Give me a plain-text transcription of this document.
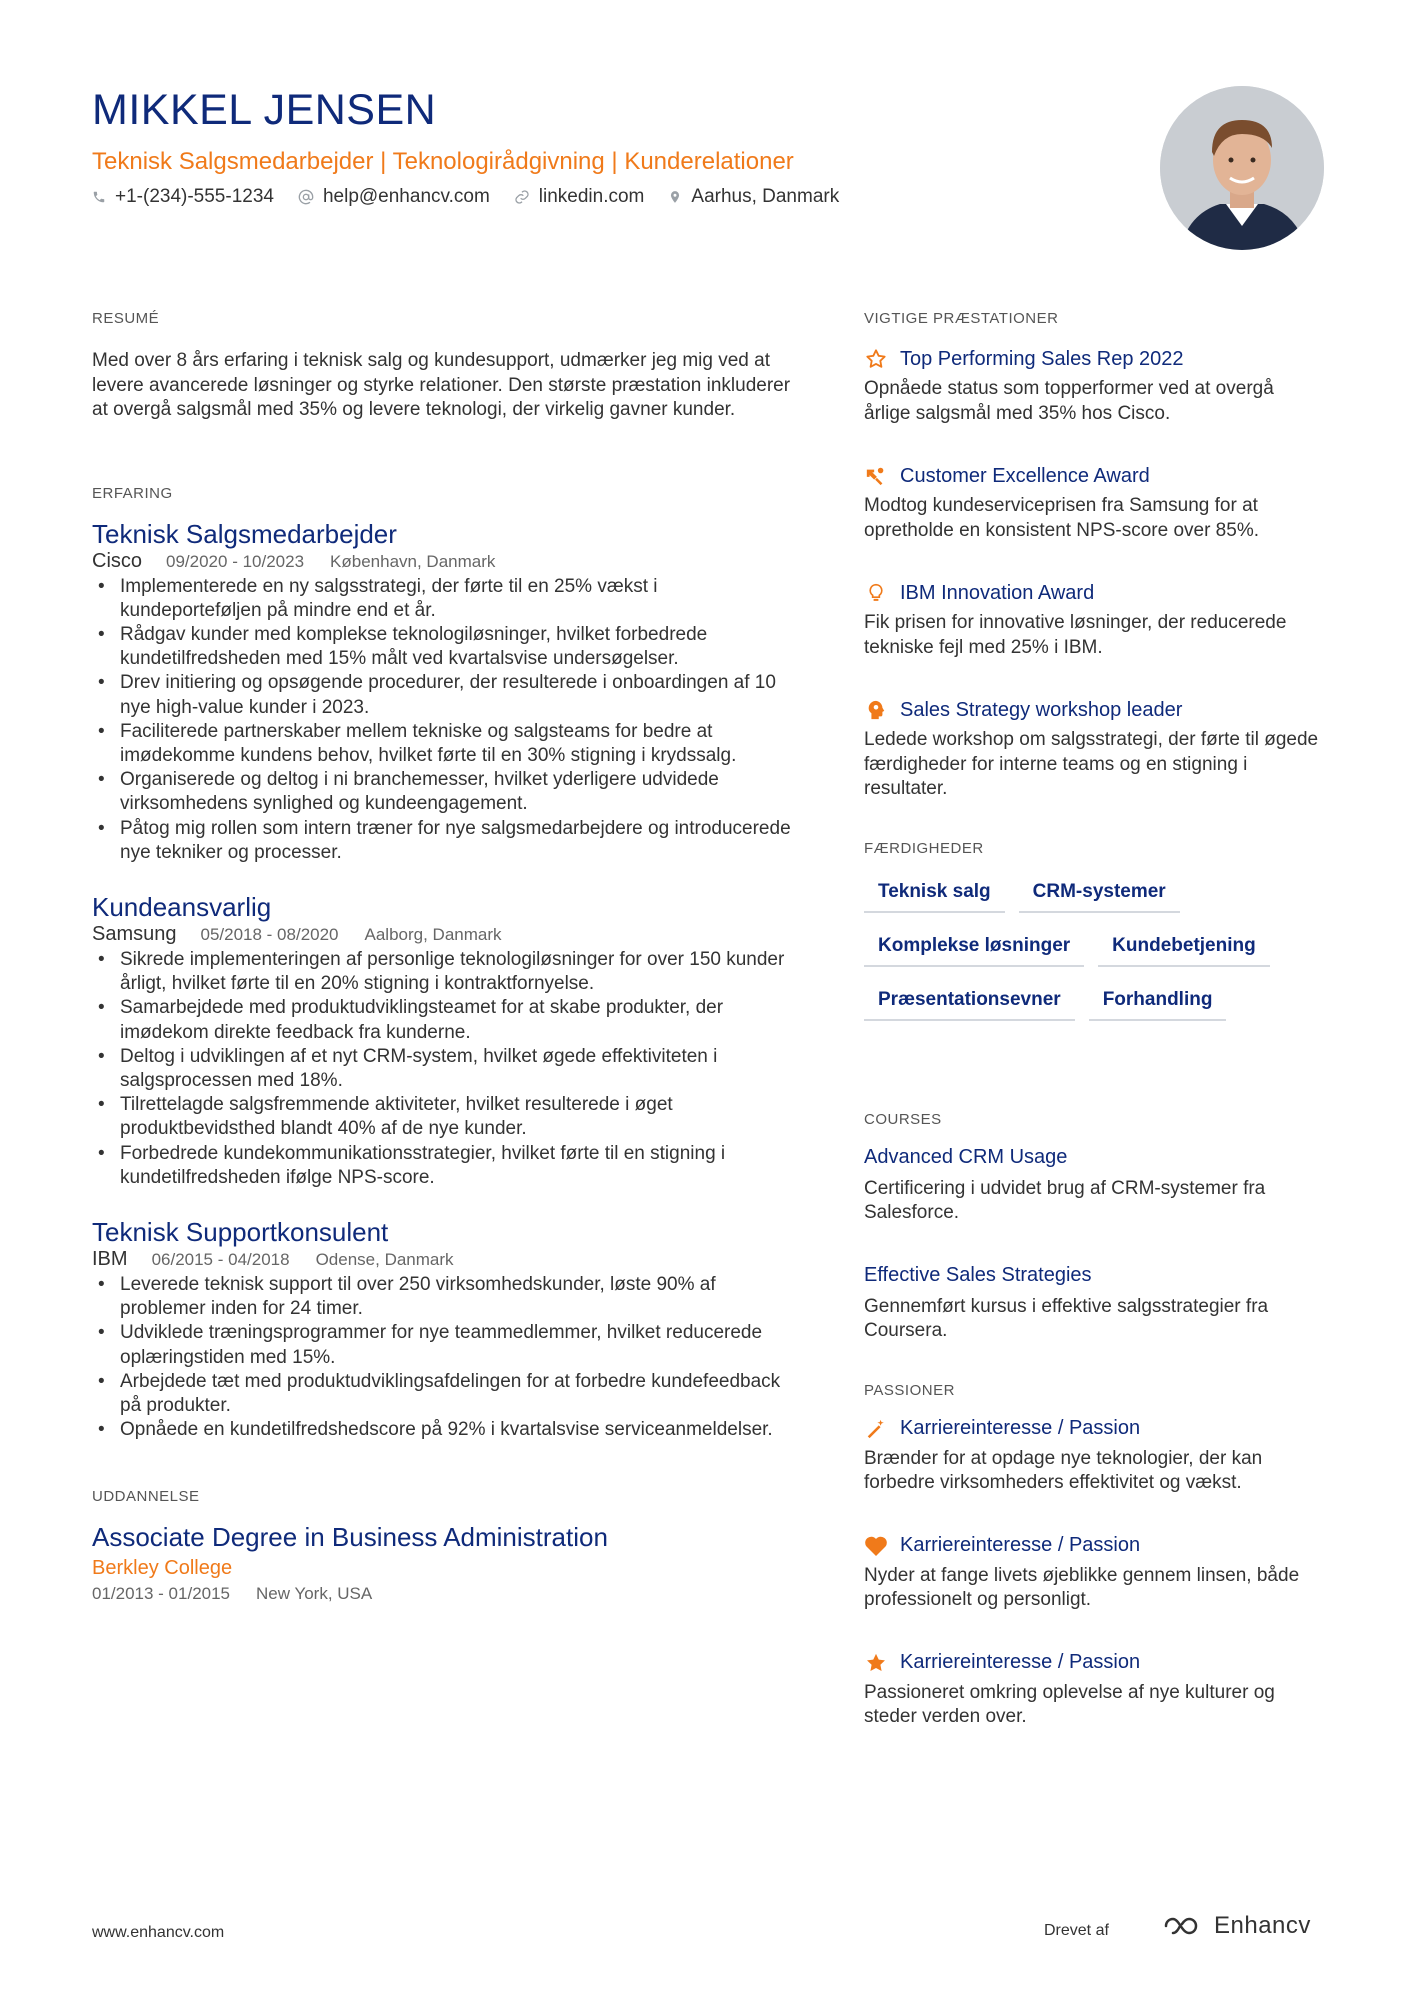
MIKKEL JENSEN
Teknisk Salgsmedarbejder | Teknologirådgivning | Kunderelationer
+1-(234)-555-1234	help@enhancv.com	linkedin.com Aarhus, Danmark
RESUMÉ
Med over 8 års erfaring i teknisk salg og kundesupport, udmærker jeg mig ved at levere avancerede løsninger og styrke relationer. Den største præstation inkluderer at overgå salgsmål med 35% og levere teknologi, der virkelig gavner kunder.
ERFARING
Teknisk Salgsmedarbejder
Cisco 09/2020 - 10/2023 København, Danmark
• Implementerede en ny salgsstrategi, der førte til en 25% vækst i kundeporteføljen på mindre end et år.
• Rådgav kunder med komplekse teknologiløsninger, hvilket forbedrede kundetilfredsheden med 15% målt ved kvartalsvise undersøgelser.
• Drev initiering og opsøgende procedurer, der resulterede i onboardingen af 10 nye high-value kunder i 2023.
• Faciliterede partnerskaber mellem tekniske og salgsteams for bedre at imødekomme kundens behov, hvilket førte til en 30% stigning i krydssalg.
• Organiserede og deltog i ni branchemesser, hvilket yderligere udvidede virksomhedens synlighed og kundeengagement.
• Påtog mig rollen som intern træner for nye salgsmedarbejdere og introducerede nye tekniker og processer.
Kundeansvarlig
Samsung 05/2018 - 08/2020 Aalborg, Danmark
• Sikrede implementeringen af personlige teknologiløsninger for over 150 kunder årligt, hvilket førte til en 20% stigning i kontraktfornyelse.
• Samarbejdede med produktudviklingsteamet for at skabe produkter, der imødekom direkte feedback fra kunderne.
• Deltog i udviklingen af et nyt CRM-system, hvilket øgede effektiviteten i salgsprocessen med 18%.
• Tilrettelagde salgsfremmende aktiviteter, hvilket resulterede i øget produktbevidsthed blandt 40% af de nye kunder.
• Forbedrede kundekommunikationsstrategier, hvilket førte til en stigning i kundetilfredsheden ifølge NPS-score.
Teknisk Supportkonsulent
IBM 06/2015 - 04/2018 Odense, Danmark
• Leverede teknisk support til over 250 virksomhedskunder, løste 90% af problemer inden for 24 timer.
• Udviklede træningsprogrammer for nye teammedlemmer, hvilket reducerede oplæringstiden med 15%.
• Arbejdede tæt med produktudviklingsafdelingen for at forbedre kundefeedback på produkter.
• Opnåede en kundetilfredshedscore på 92% i kvartalsvise serviceanmeldelser.
UDDANNELSE
Associate Degree in Business Administration
Berkley College
01/2013 - 01/2015 New York, USA
VIGTIGE PRÆSTATIONER
Top Performing Sales Rep 2022
Opnåede status som topperformer ved at overgå årlige salgsmål med 35% hos Cisco.
Customer Excellence Award
Modtog kundeserviceprisen fra Samsung for at opretholde en konsistent NPS-score over 85%.
IBM Innovation Award
Fik prisen for innovative løsninger, der reducerede tekniske fejl med 25% i IBM.
Sales Strategy workshop leader
Ledede workshop om salgsstrategi, der førte til øgede færdigheder for interne teams og en stigning i resultater.
FÆRDIGHEDER
Teknisk salg	CRM-systemer
Komplekse løsninger	Kundebetjening
Præsentationsevner	Forhandling
COURSES
Advanced CRM Usage
Certificering i udvidet brug af CRM-systemer fra Salesforce.
Effective Sales Strategies
Gennemført kursus i effektive salgsstrategier fra Coursera.
PASSIONER
Karriereinteresse / Passion
Brænder for at opdage nye teknologier, der kan forbedre virksomheders effektivitet og vækst.
Karriereinteresse / Passion
Nyder at fange livets øjeblikke gennem linsen, både professionelt og personligt.
Karriereinteresse / Passion
Passioneret omkring oplevelse af nye kulturer og steder verden over.
www.enhancv.com	Drevet af	Enhancv
